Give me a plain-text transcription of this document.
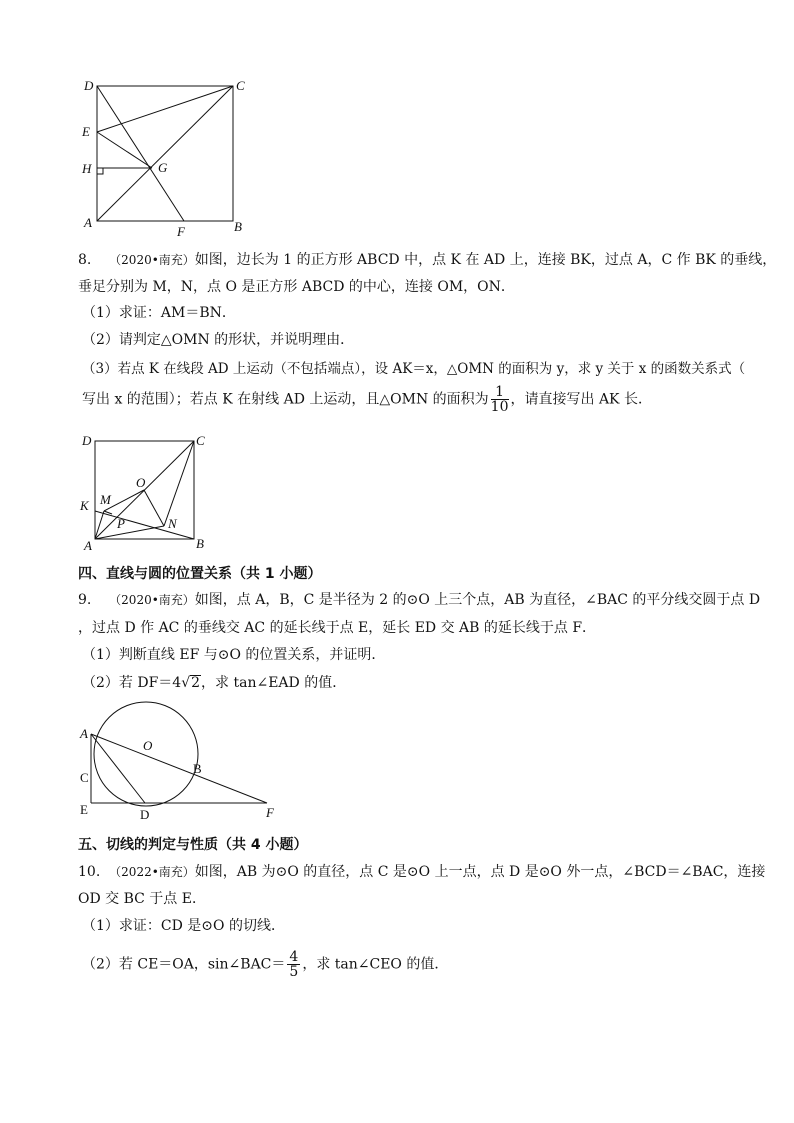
D	C
E
H	G
A
F	B
8. （2020•南充）如图，边长为 1 的正方形 ABCD 中，点 K 在 AD 上，连接 BK，过点 A，C 作 BK 的垂线，
垂足分别为 M，N，点 O 是正方形 ABCD 的中心，连接 OM，ON．
（1）求证：AM＝BN．
（2）请判定△OMN 的形状，并说明理由．
（3）若点 K 在线段 AD 上运动（不包括端点），设 AK＝x，△OMN 的面积为 y，求 y 关于 x 的函数关系式（
写出 x 的范围）；若点 K 在射线 AD 上运动，且△OMN 的面积为 $\frac{1}{10}$ ，请直接写出 AK 长．
D	C
O
K M
P	N
A	B
四、直线与圆的位置关系（共 1 小题）
9. （2020•南充）如图，点 A，B，C 是半径为 2 的⊙O 上三个点，AB 为直径，∠BAC 的平分线交圆于点 D
，过点 D 作 AC 的垂线交 AC 的延长线于点 E，延长 ED 交 AB 的延长线于点 F．
（1）判断直线 EF 与⊙O 的位置关系，并证明．
（2）若 DF＝4√2，求 tan∠EAD 的值．
A
O
C
B
E	D	F
五、切线的判定与性质（共 4 小题）
10. （2022•南充）如图，AB 为⊙O 的直径，点 C 是⊙O 上一点，点 D 是⊙O 外一点，∠BCD＝∠BAC，连接
OD 交 BC 于点 E．
（1）求证：CD 是⊙O 的切线．
（2）若 CE＝OA，sin∠BAC＝ $\frac{4}{5}$ ，求 tan∠CEO 的值．
